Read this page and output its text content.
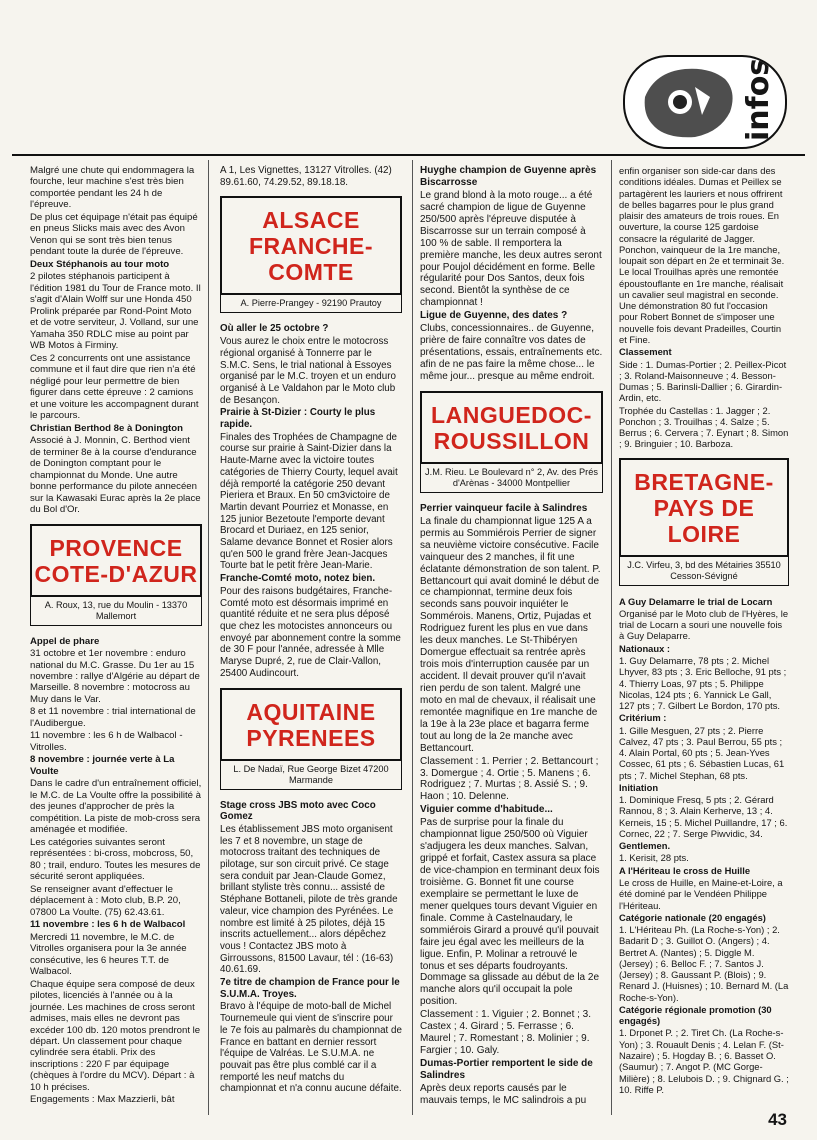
infos

Malgré une chute qui endommagera la fourche, leur machine s'est très bien comportée pendant les 24 h de l'épreuve.

De plus cet équipage n'était pas équipé en pneus Slicks mais avec des Avon Venon qui se sont très bien tenus pendant toute la durée de l'épreuve.

Deux Stéphanois au tour moto

2 pilotes stéphanois participent à l'édition 1981 du Tour de France moto. Il s'agit d'Alain Wolff sur une Honda 450 Prolink préparée par Rond-Point Moto et de votre serviteur, J. Volland, sur une Yamaha 350 RDLC mise au point par WB Motos à Firminy.

Ces 2 concurrents ont une assistance commune et il faut dire que rien n'a été négligé pour leur permettre de bien figurer dans cette épreuve : 2 camions et une voiture les accompagnent durant le parcours.

Christian Berthod 8e à Donington

Associé à J. Monnin, C. Berthod vient de terminer 8e à la course d'endurance de Donington comptant pour le championnat du Monde. Une autre bonne performance du pilote annecéen sur la Kawasaki Eurac après la 2e place du Bol d'Or.

PROVENCE
COTE-D'AZUR
A. Roux, 13, rue du Moulin - 13370 Mallemort

Appel de phare

31 octobre et 1er novembre : enduro national du M.C. Grasse. Du 1er au 15 novembre : rallye d'Algérie au départ de Marseille. 8 novembre : motocross au Muy dans le Var.

8 et 11 novembre : trial international de l'Audibergue.

11 novembre : les 6 h de Walbacol - Vitrolles.

8 novembre : journée verte à La Voulte

Dans le cadre d'un entraînement officiel, le M.C. de La Voulte offre la possibilité à des jeunes d'approcher de près la compétition. La piste de mob-cross sera aménagée et modifiée.

Les catégories suivantes seront représentées : bi-cross, mobcross, 50, 80 ; trail, enduro. Toutes les mesures de sécurité seront appliquées.

Se renseigner avant d'effectuer le déplacement à : Moto club, B.P. 20, 07800 La Voulte. (75) 62.43.61.

11 novembre : les 6 h de Walbacol

Mercredi 11 novembre, le M.C. de Vitrolles organisera pour la 3e année consécutive, les 6 heures T.T. de Walbacol.

Chaque équipe sera composé de deux pilotes, licenciés à l'année ou à la journée. Les machines de cross seront admises, mais elles ne devront pas excéder 100 db. 120 motos prendront le départ. Un classement pour chaque cylindrée sera établi. Prix des inscriptions : 220 F par équipage (chèques à l'ordre du MCV). Départ : à 10 h précises.

Engagements : Max Mazzierli, bât

A 1, Les Vignettes, 13127 Vitrolles. (42) 89.61.60, 74.29.52, 89.18.18.

ALSACE
FRANCHE-
COMTE
A. Pierre-Prangey - 92190 Prautoy

Où aller le 25 octobre ?

Vous aurez le choix entre le motocross régional organisé à Tonnerre par le S.M.C. Sens, le trial national à Essoyes organisé par le M.C. troyen et un enduro organisé à Le Valdahon par le Moto club de Besançon.

Prairie à St-Dizier : Courty le plus rapide.

Finales des Trophées de Champagne de course sur prairie à Saint-Dizier dans la Haute-Marne avec la victoire toutes catégories de Thierry Courty, lequel avait déjà remporté la catégorie 250 devant Pieriera et Braux. En 50 cm3victoire de Martin devant Pourriez et Monasse, en 125 junior Bezetoute l'emporte devant Brocard et Duriaez, en 125 senior, Salame devance Bonnet et Rosier alors qu'en 500 le grand frère Jean-Jacques Tourte bat le petit frère Jean-Marie.

Franche-Comté moto, notez bien.

Pour des raisons budgétaires, Franche-Comté moto est désormais imprimé en quantité réduite et ne sera plus déposé que chez les motocistes annonceurs ou envoyé par abonnement contre la somme de 30 F pour l'année, adressée à Mlle Maryse Dupré, 2, rue de Clair-Vallon, 25400 Audincourt.

AQUITAINE
PYRENEES
L. De Nadaï, Rue George Bizet 47200 Marmande

Stage cross JBS moto avec Coco Gomez

Les établissement JBS moto organisent les 7 et 8 novembre, un stage de motocross traitant des techniques de pilotage, sur son circuit privé. Ce stage sera conduit par Jean-Claude Gomez, brillant styliste très connu... assisté de Stéphane Bottaneli, pilote de très grande valeur, vice champion des Pyrénées. Le nombre est limité à 25 pilotes, déjà 15 inscrits actuellement... alors dépêchez vous ! Contactez JBS moto à Girroussons, 81500 Lavaur, tél : (16-63) 40.61.69.

7e titre de champion de France pour le S.U.M.A. Troyes.

Bravo à l'équipe de moto-ball de Michel Tournemeule qui vient de s'inscrire pour le 7e fois au palmarès du championnat de France en battant en dernier ressort l'équipe de Valréas. Le S.U.M.A. ne pouvait pas être plus comblé car il a remporté les neuf matchs du championnat et n'a connu aucune défaite.

Huyghe champion de Guyenne après Biscarrosse

Le grand blond à la moto rouge... a été sacré champion de ligue de Guyenne 250/500 après l'épreuve disputée à Biscarrosse sur un terrain composé à 100 % de sable. Il remportera la première manche, les deux autres seront pour Poujol décidément en forme. Belle régularité pour Dos Santos, deux fois second. Bientôt la synthèse de ce championnat !

Ligue de Guyenne, des dates ?

Clubs, concessionnaires.. de Guyenne, prière de faire connaître vos dates de présentations, essais, entraînements etc. afin de ne pas faire la même chose... le même jour... presque au même endroit.

LANGUEDOC-
ROUSSILLON
J.M. Rieu. Le Boulevard n° 2, Av. des Prés d'Arènas - 34000 Montpellier

Perrier vainqueur facile à Salindres

La finale du championnat ligue 125 A a permis au Sommiérois Perrier de signer sa neuvième victoire consécutive. Facile vainqueur des 2 manches, il fit une éclatante démonstration de son talent. P. Bettancourt qui avait dominé le début de ce championnat, termine deux fois seconds sans pouvoir inquiéter le Sommérois. Manens, Ortiz, Pujadas et Rodriguez furent les plus en vue dans les deux manches. Le St-Thibéryen Domergue effectuait sa rentrée après trois mois d'interruption causée par un accident. Il devait prouver qu'il n'avait rien perdu de son talent. Malgré une moto en mal de chevaux, il réalisait une remontée magnifique en 1re manche de la 19e à la 23e place et bagarra ferme tout au long de la 2e manche avec Bettancourt.

Classement : 1. Perrier ; 2. Bettancourt ; 3. Domergue ; 4. Ortie ; 5. Manens ; 6. Rodriguez ; 7. Murtas ; 8. Assié S. ; 9. Haon ; 10. Delenne.

Viguier comme d'habitude...

Pas de surprise pour la finale du championnat ligue 250/500 où Viguier s'adjugera les deux manches. Salvan, grippé et forfait, Castex assura sa place de vice-champion en terminant deux fois troisième. G. Bonnet fit une course exemplaire se permettant le luxe de mener quelques tours devant Viguier en finale. Comme à Castelnaudary, le sommiérois Girard a prouvé qu'il pouvait faire jeu égal avec les meilleurs de la ligue. Enfin, P. Molinar a retrouvé le tonus et ses départs foudroyants. Dommage sa glissade au début de la 2e manche alors qu'il occupait la pole position.

Classement : 1. Viguier ; 2. Bonnet ; 3. Castex ; 4. Girard ; 5. Ferrasse ; 6. Maurel ; 7. Romestant ; 8. Molinier ; 9. Fargier ; 10. Galy.

Dumas-Portier remportent le side de Salindres

Après deux reports causés par le mauvais temps, le MC salindrois a pu

enfin organiser son side-car dans des conditions idéales. Dumas et Peillex se partagèrent les lauriers et nous offrirent de belles bagarres pour le plus grand plaisir des amateurs de trois roues. En ouverture, la course 125 gardoise consacre la régularité de Jagger. Ponchon, vainqueur de la 1re manche, loupait son départ en 2e et terminait 3e. Le local Trouilhas après une remontée époustouflante en 1re manche, réalisait un cavalier seul magistral en seconde. Une démonstration 80 fut l'occasion pour Robert Bonnet de s'imposer une nouvelle fois devant Pradeilles, Courtin et Fine.

Classement

Side : 1. Dumas-Portier ; 2. Peillex-Picot ; 3. Roland-Maisonneuve ; 4. Besson-Dumas ; 5. Barinsli-Dallier ; 6. Girardin-Ardin, etc.

Trophée du Castellas : 1. Jagger ; 2. Ponchon ; 3. Trouilhas ; 4. Salze ; 5. Berrus ; 6. Cervera ; 7. Eynart ; 8. Simon ; 9. Bringuier ; 10. Barboza.

BRETAGNE-
PAYS DE LOIRE
J.C. Virfeu, 3, bd des Métairies 35510 Cesson-Sévigné

A Guy Delamarre le trial de Locarn

Organisé par le Moto club de l'Hyères, le trial de Locarn a souri une nouvelle fois à Guy Delaparre.

Nationaux :

1. Guy Delamarre, 78 pts ; 2. Michel Lhyver, 83 pts ; 3. Eric Belloche, 91 pts ; 4. Thierry Loas, 97 pts ; 5. Philippe Nicolas, 124 pts ; 6. Yannick Le Gall, 127 pts ; 7. Gilbert Le Bordon, 170 pts.

Critérium :

1. Gille Mesguen, 27 pts ; 2. Pierre Calvez, 47 pts ; 3. Paul Berrou, 55 pts ; 4. Alain Portal, 60 pts ; 5. Jean-Yves Cossec, 61 pts ; 6. Sébastien Lucas, 61 pts ; 7. Michel Stephan, 68 pts.

Initiation

1. Dominique Fresq, 5 pts ; 2. Gérard Rannou, 8 ; 3. Alain Kerherve, 13 ; 4. Kerneis, 15 ; 5. Michel Puillandre, 17 ; 6. Cornec, 22 ; 7. Serge Piwvidic, 34.

Gentlemen.

1. Kerisit, 28 pts.

A l'Hériteau le cross de Huille

Le cross de Huille, en Maine-et-Loire, a été dominé par le Vendéen Philippe l'Hériteau.

Catégorie nationale (20 engagés)

1. L'Hériteau Ph. (La Roche-s-Yon) ; 2. Badarit D ; 3. Guillot O. (Angers) ; 4. Bertret A. (Nantes) ; 5. Diggle M. (Jersey) ; 6. Belloc F. ; 7. Santos J. (Jersey) ; 8. Gaussant P. (Blois) ; 9. Renard J. (Huisnes) ; 10. Bernard M. (La Roche-s-Yon).

Catégorie régionale promotion (30 engagés)

1. Drponet P. ; 2. Tiret Ch. (La Roche-s-Yon) ; 3. Rouault Denis ; 4. Lelan F. (St-Nazaire) ; 5. Hogday B. ; 6. Basset O. (Saumur) ; 7. Angot P. (MC Gorge-Milière) ; 8. Lelubois D. ; 9. Chignard G. ; 10. Riffe P.

43
